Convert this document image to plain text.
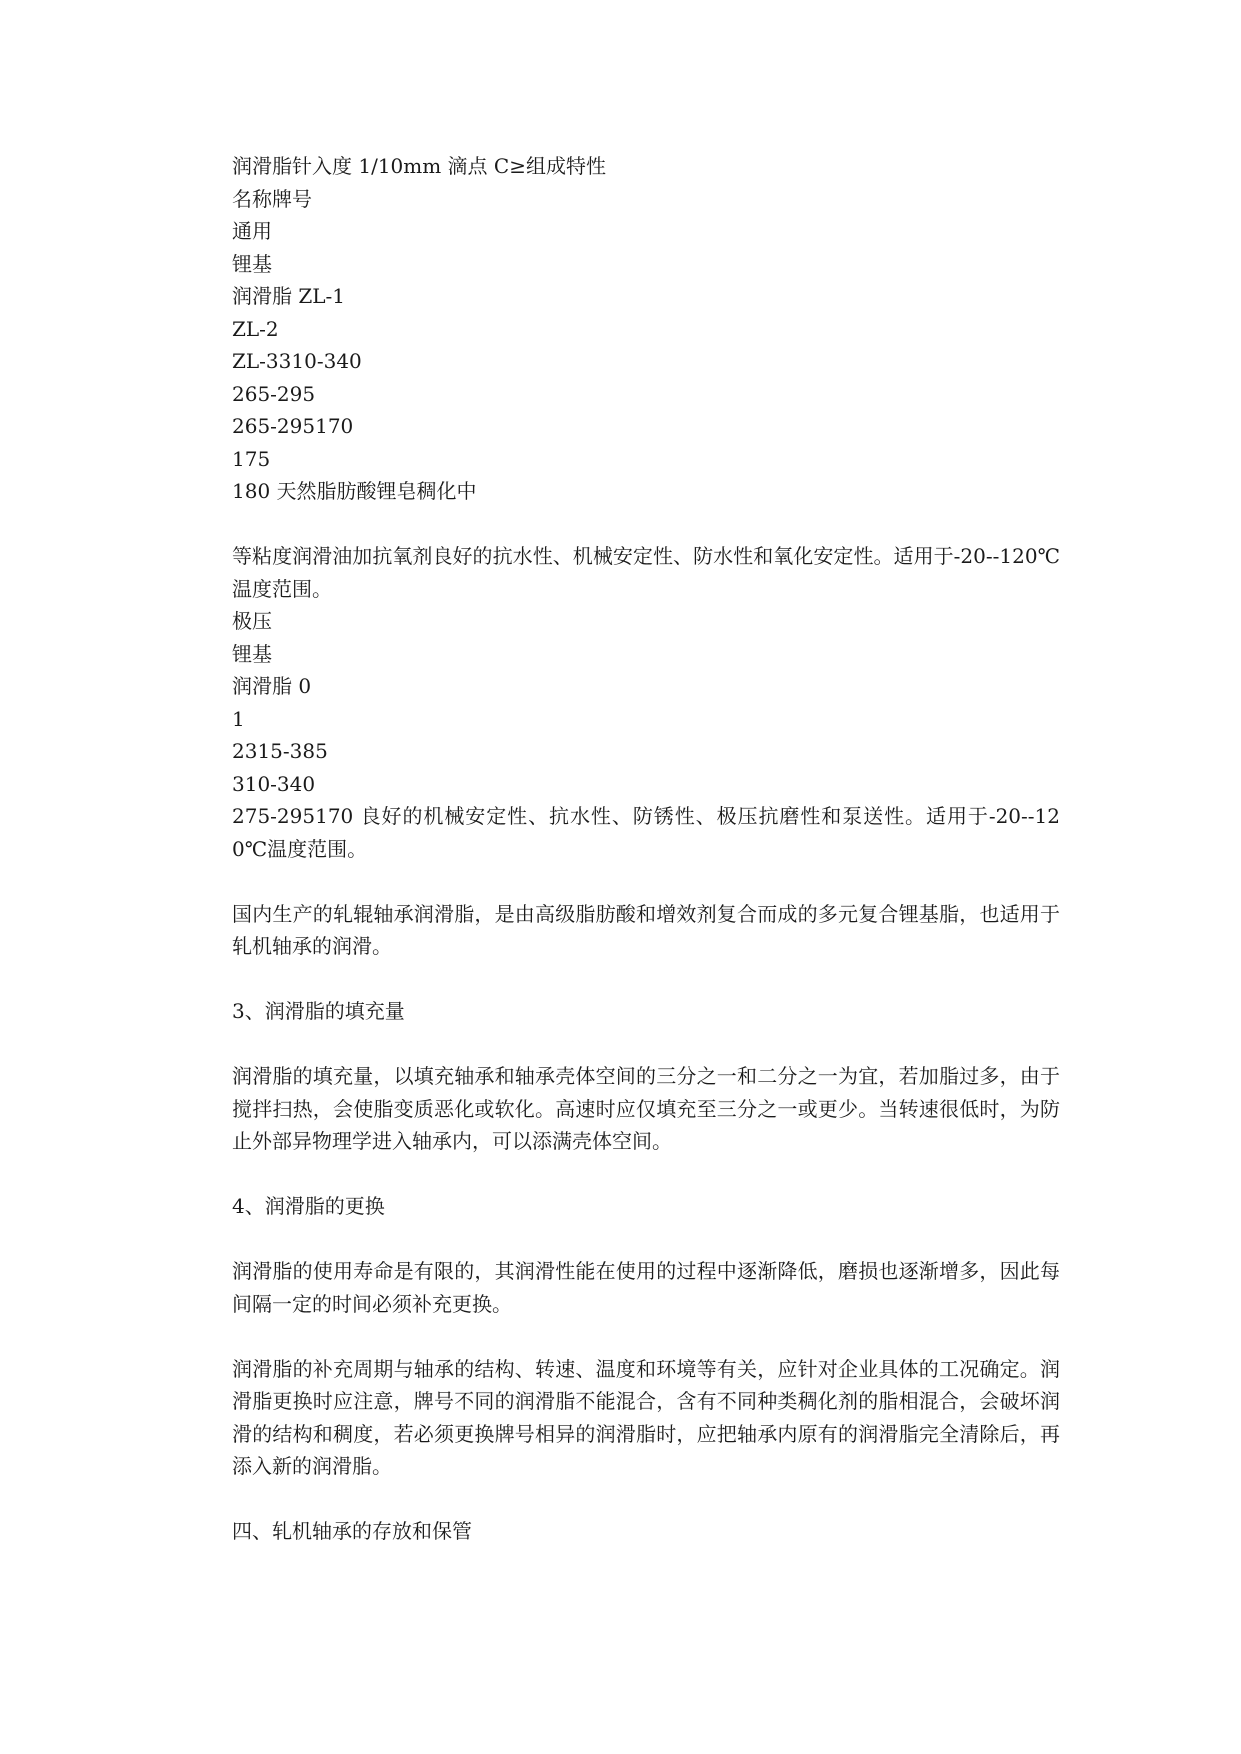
润滑脂针入度 1/10mm 滴点 C≥组成特性
名称牌号
通用
锂基
润滑脂 ZL-1
ZL-2
ZL-3310-340
265-295
265-295170
175
180 天然脂肪酸锂皂稠化中
等粘度润滑油加抗氧剂良好的抗水性、机械安定性、防水性和氧化安定性。适用于-20--120℃温度范围。
极压
锂基
润滑脂 0
1
2315-385
310-340
275-295170 良好的机械安定性、抗水性、防锈性、极压抗磨性和泵送性。适用于-20--120℃温度范围。
国内生产的轧辊轴承润滑脂，是由高级脂肪酸和增效剂复合而成的多元复合锂基脂，也适用于轧机轴承的润滑。
3、润滑脂的填充量
润滑脂的填充量，以填充轴承和轴承壳体空间的三分之一和二分之一为宜，若加脂过多，由于搅拌扫热，会使脂变质恶化或软化。高速时应仅填充至三分之一或更少。当转速很低时，为防止外部异物理学进入轴承内，可以添满壳体空间。
4、润滑脂的更换
润滑脂的使用寿命是有限的，其润滑性能在使用的过程中逐渐降低，磨损也逐渐增多，因此每间隔一定的时间必须补充更换。
润滑脂的补充周期与轴承的结构、转速、温度和环境等有关，应针对企业具体的工况确定。润滑脂更换时应注意，牌号不同的润滑脂不能混合，含有不同种类稠化剂的脂相混合，会破坏润滑的结构和稠度，若必须更换牌号相异的润滑脂时，应把轴承内原有的润滑脂完全清除后，再添入新的润滑脂。
四、轧机轴承的存放和保管
